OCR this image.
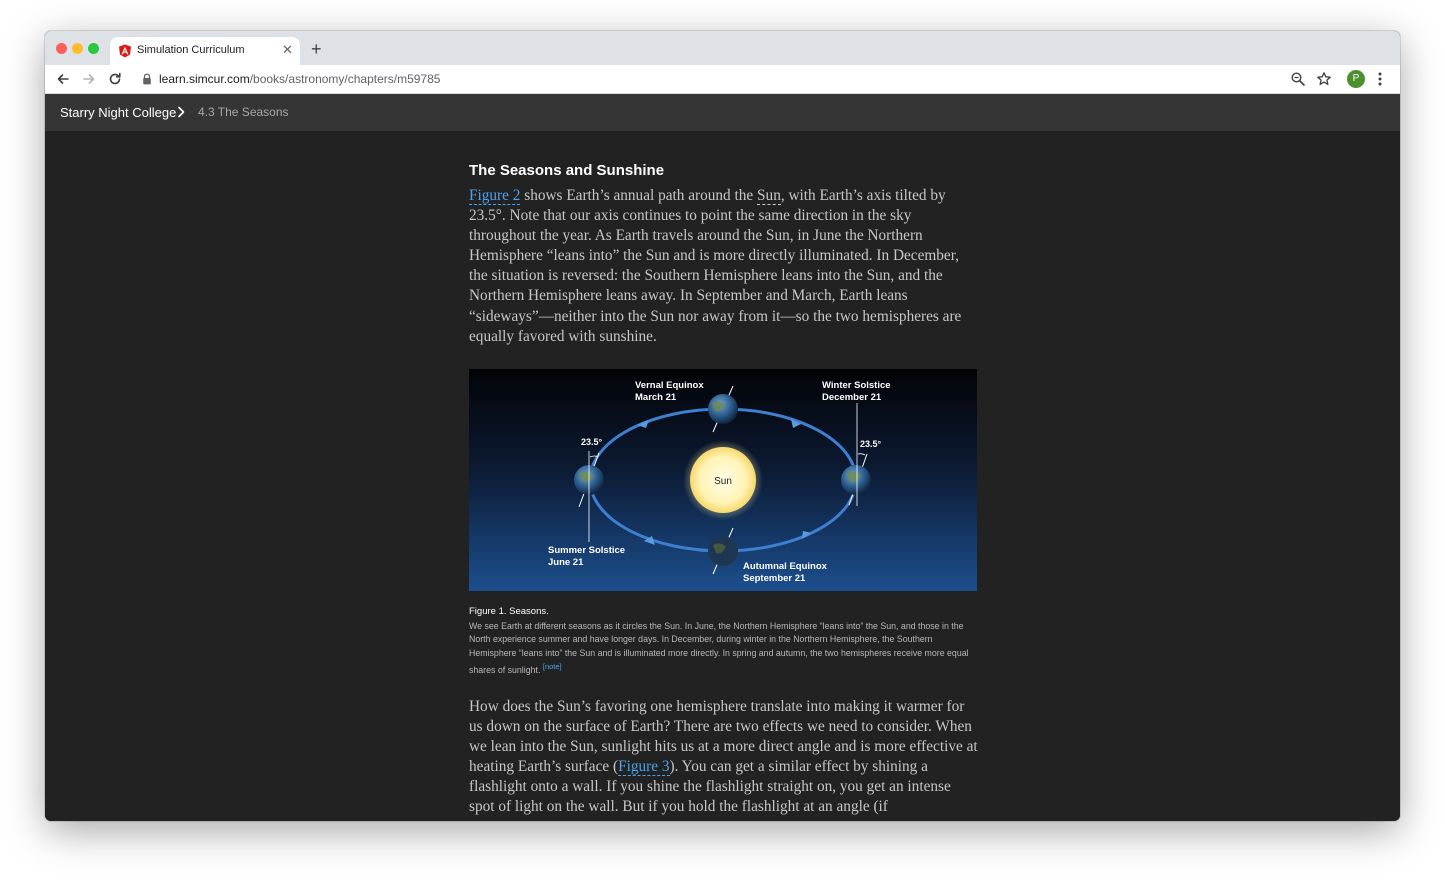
Simulation Curriculum	✕ +
learn.simcur.com/books/astronomy/chapters/m59785	P
Starry Night College 4.3 The Seasons
The Seasons and Sunshine

Figure 2 shows Earth’s annual path around the Sun, with Earth’s axis tilted by 23.5°. Note that our axis continues to point the same direction in the sky throughout the year. As Earth travels around the Sun, in June the Northern Hemisphere “leans into” the Sun and is more directly illuminated. In December, the situation is reversed: the Southern Hemisphere leans into the Sun, and the Northern Hemisphere leans away. In September and March, Earth leans “sideways”—neither into the Sun nor away from it—so the two hemispheres are equally favored with sunshine.

Sun
Vernal Equinox March 21
Winter Solstice December 21
Summer Solstice June 21	Autumnal Equinox September 21
23.5°	23.5°
Figure 1. Seasons.
We see Earth at different seasons as it circles the Sun. In June, the Northern Hemisphere “leans into” the Sun, and those in the North experience summer and have longer days. In December, during winter in the Northern Hemisphere, the Southern Hemisphere “leans into” the Sun and is illuminated more directly. In spring and autumn, the two hemispheres receive more equal shares of sunlight. [note]

How does the Sun’s favoring one hemisphere translate into making it warmer for us down on the surface of Earth? There are two effects we need to consider. When we lean into the Sun, sunlight hits us at a more direct angle and is more effective at heating Earth’s surface (Figure 3). You can get a similar effect by shining a flashlight onto a wall. If you shine the flashlight straight on, you get an intense spot of light on the wall. But if you hold the flashlight at an angle (if
